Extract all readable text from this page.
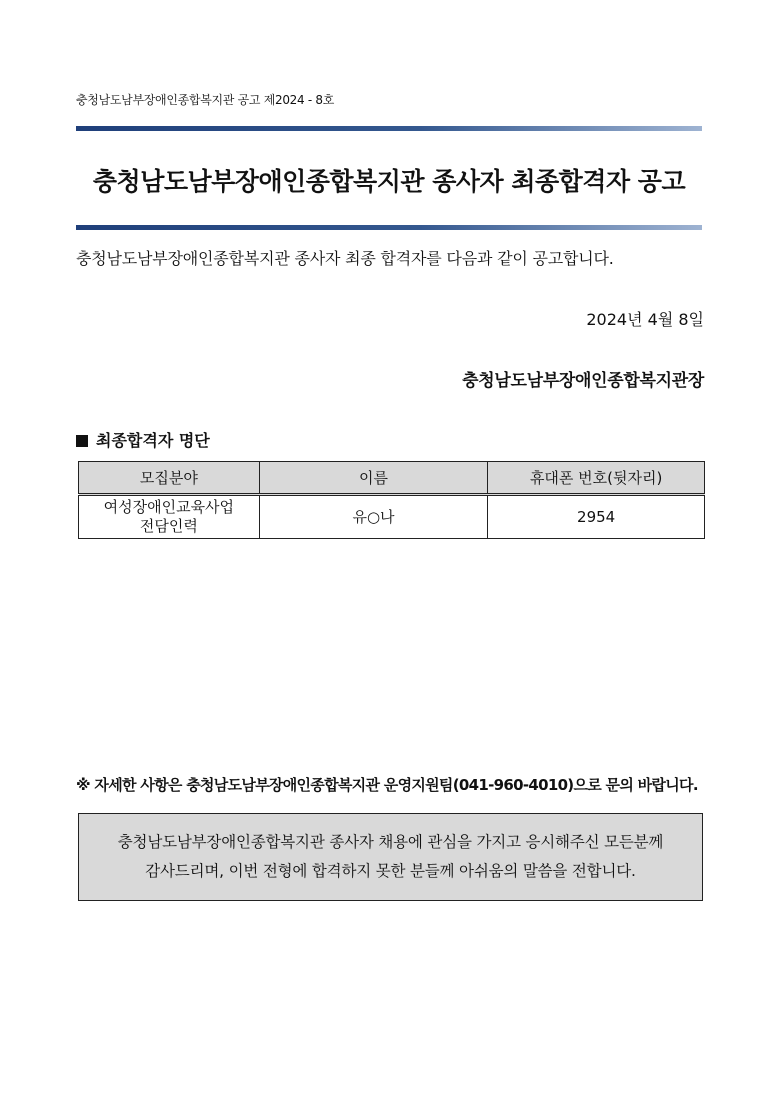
충청남도남부장애인종합복지관 공고 제2024 - 8호
충청남도남부장애인종합복지관 종사자 최종합격자 공고
충청남도남부장애인종합복지관 종사자 최종 합격자를 다음과 같이 공고합니다.
2024년 4월 8일
충청남도남부장애인종합복지관장
최종합격자 명단
모집분야	이름	휴대폰 번호(뒷자리)
여성장애인교육사업
전담인력	유○나	2954
※ 자세한 사항은 충청남도남부장애인종합복지관 운영지원팀(041-960-4010)으로 문의 바랍니다.
충청남도남부장애인종합복지관 종사자 채용에 관심을 가지고 응시해주신 모든분께
감사드리며, 이번 전형에 합격하지 못한 분들께 아쉬움의 말씀을 전합니다.
